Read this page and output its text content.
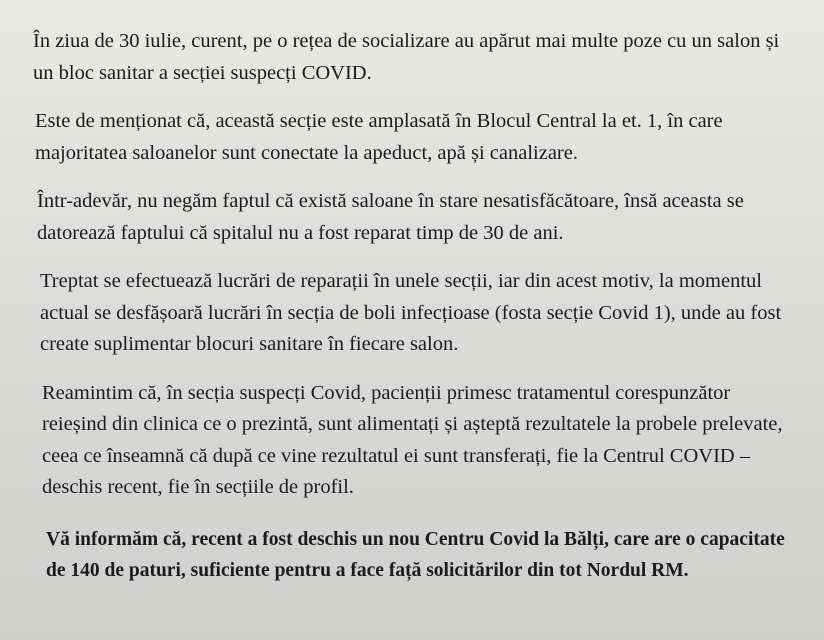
În ziua de 30 iulie, curent, pe o rețea de socializare au apărut mai multe poze cu un salon și un bloc sanitar a secției suspecți COVID.

Este de menționat că, această secție este amplasată în Blocul Central la et. 1, în care majoritatea saloanelor sunt conectate la apeduct, apă și canalizare.

Într-adevăr, nu negăm faptul că există saloane în stare nesatisfăcătoare, însă aceasta se datorează faptului că spitalul nu a fost reparat timp de 30 de ani.

Treptat se efectuează lucrări de reparații în unele secții, iar din acest motiv, la momentul actual se desfășoară lucrări în secția de boli infecțioase (fosta secție Covid 1), unde au fost create suplimentar blocuri sanitare în fiecare salon.

Reamintim că, în secția suspecți Covid, pacienții primesc tratamentul corespunzător reieșind din clinica ce o prezintă, sunt alimentați și așteptă rezultatele la probele prelevate, ceea ce înseamnă că după ce vine rezultatul ei sunt transferați, fie la Centrul COVID – deschis recent, fie în secțiile de profil.

Vă informăm că, recent a fost deschis un nou Centru Covid la Bălți, care are o capacitate de 140 de paturi, suficiente pentru a face față solicitărilor din tot Nordul RM.
